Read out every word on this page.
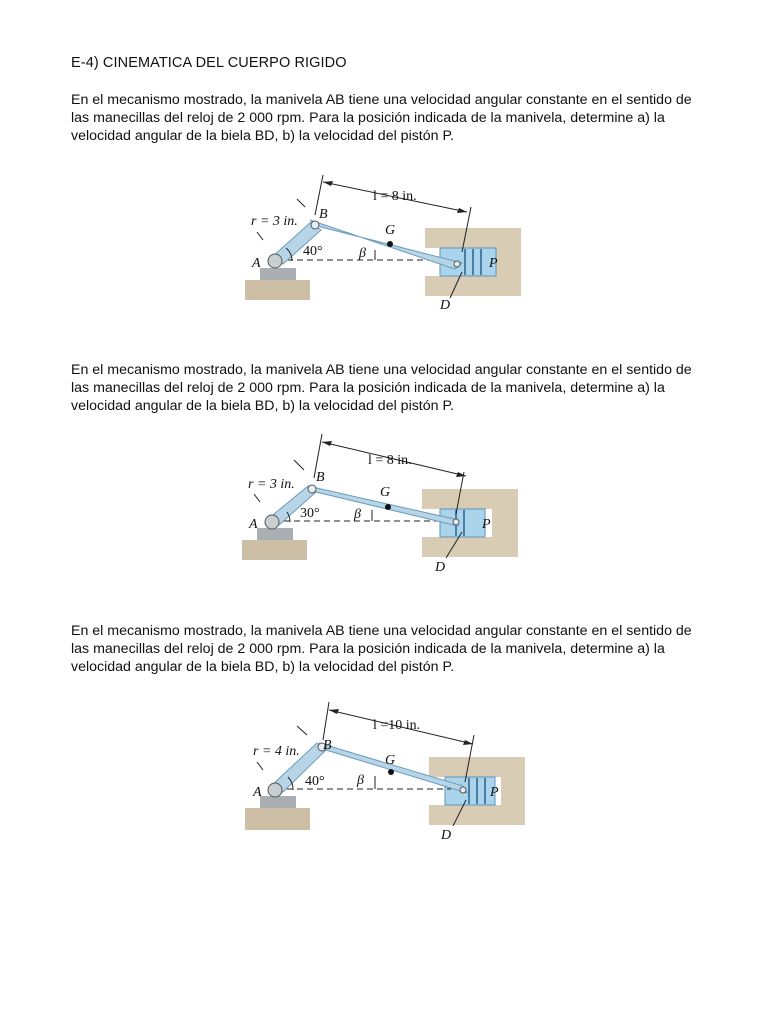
E-4) CINEMATICA DEL CUERPO RIGIDO

En el mecanismo mostrado, la manivela AB tiene una velocidad angular constante en el sentido de las manecillas del reloj de 2 000 rpm. Para la posición indicada de la manivela, determine a) la velocidad angular de la biela BD, b) la velocidad del pistón P.

r = 3 in.
l = 8 in.
40°
A
B
G
D
P
β

En el mecanismo mostrado, la manivela AB tiene una velocidad angular constante en el sentido de las manecillas del reloj de 2 000 rpm. Para la posición indicada de la manivela, determine a) la velocidad angular de la biela BD, b) la velocidad del pistón P.

r = 3 in.
l = 8 in.
30°
A
B
G
D
P
β

En el mecanismo mostrado, la manivela AB tiene una velocidad angular constante en el sentido de las manecillas del reloj de 2 000 rpm. Para la posición indicada de la manivela, determine a) la velocidad angular de la biela BD, b) la velocidad del pistón P.

r = 4 in.
l =10 in.
40°
A
B
G
D
P
β
